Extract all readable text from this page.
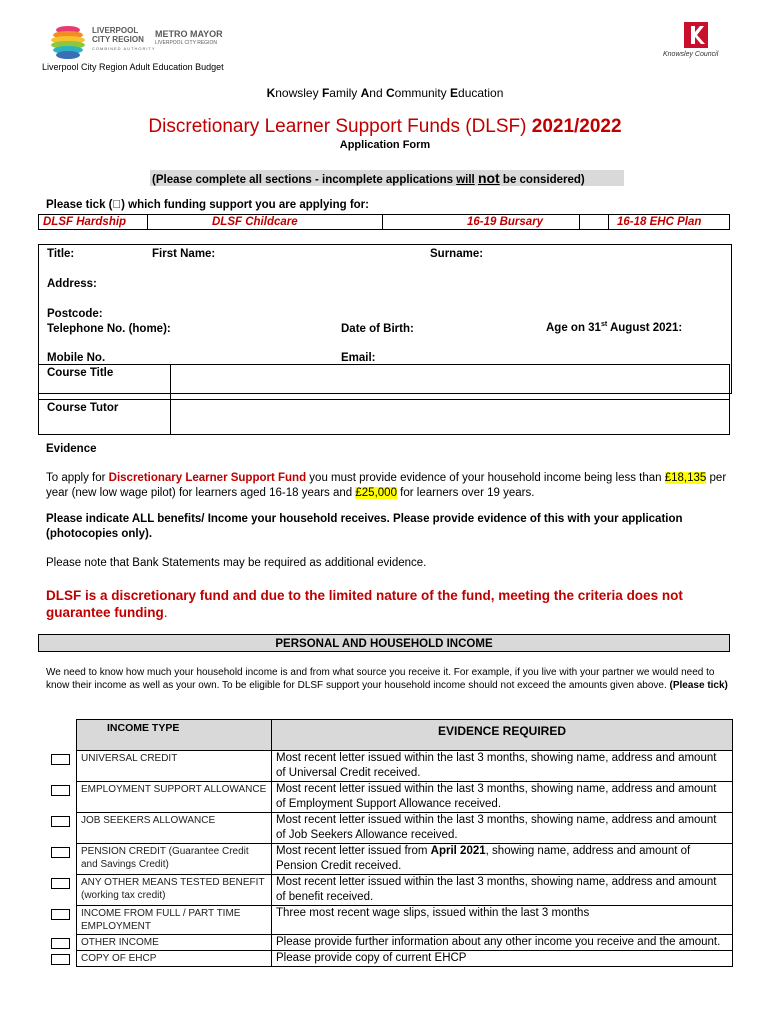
LIVERPOOL
CITY REGION
COMBINED AUTHORITY
METRO MAYOR
LIVERPOOL CITY REGION
Knowsley Council
Liverpool City Region Adult Education Budget
Knowsley Family And Community Education
Discretionary Learner Support Funds (DLSF) 2021/2022
Application Form
(Please complete all sections - incomplete applications will not be considered)
Please tick ( ) which funding support you are applying for:
DLSF Hardship	DLSF Childcare	16-19 Bursary		16-18 EHC Plan
Title:	First Name:	Surname:
Address:
Postcode:
Telephone No. (home):	Date of Birth:	Age on 31st August 2021:
Mobile No.	Email:
Course Title	
Course Tutor	
Evidence
To apply for Discretionary Learner Support Fund you must provide evidence of your household income being less than £18,135 per year (new low wage pilot) for learners aged 16-18 years and £25,000 for learners over 19 years.
Please indicate ALL benefits/ Income your household receives. Please provide evidence of this with your application (photocopies only).
Please note that Bank Statements may be required as additional evidence.
DLSF is a discretionary fund and due to the limited nature of the fund, meeting the criteria does not guarantee funding.
PERSONAL AND HOUSEHOLD INCOME
We need to know how much your household income is and from what source you receive it. For example, if you live with your partner we would need to know their income as well as your own. To be eligible for DLSF support your household income should not exceed the amounts given above. (Please tick)
	INCOME TYPE	EVIDENCE REQUIRED

	UNIVERSAL CREDIT	Most recent letter issued within the last 3 months, showing name, address and amount of Universal Credit received.

	EMPLOYMENT SUPPORT ALLOWANCE	Most recent letter issued within the last 3 months, showing name, address and amount of Employment Support Allowance received.

	JOB SEEKERS ALLOWANCE	Most recent letter issued within the last 3 months, showing name, address and amount of Job Seekers Allowance received.

	PENSION CREDIT (Guarantee Credit and Savings Credit)	Most recent letter issued from April 2021, showing name, address and amount of Pension Credit received.

	ANY OTHER MEANS TESTED BENEFIT (working tax credit)	Most recent letter issued within the last 3 months, showing name, address and amount of benefit received.

	INCOME FROM FULL / PART TIME EMPLOYMENT	Three most recent wage slips, issued within the last 3 months

	OTHER INCOME	Please provide further information about any other income you receive and the amount.

	COPY OF EHCP	Please provide copy of current EHCP
